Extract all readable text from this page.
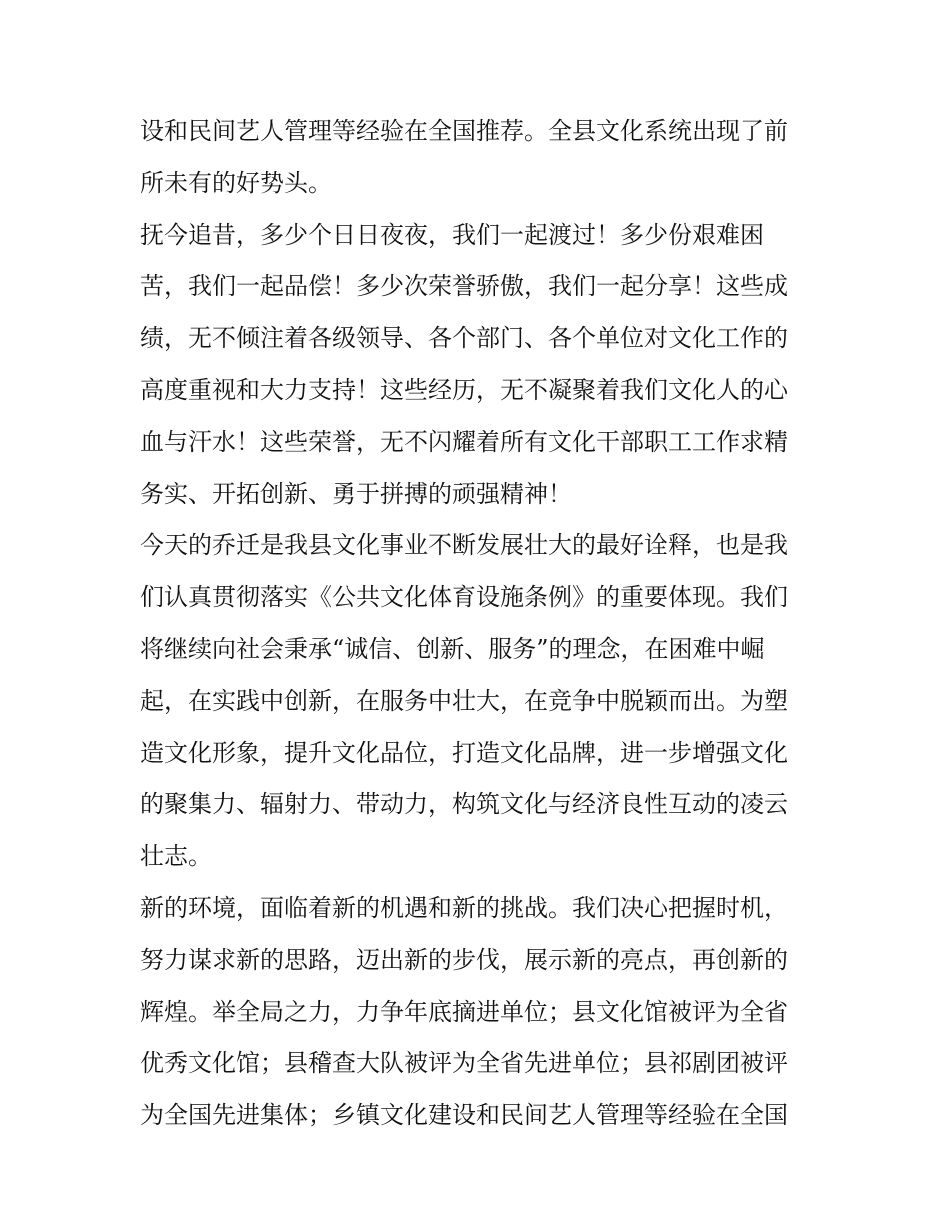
设和民间艺人管理等经验在全国推荐。全县文化系统出现了前
所未有的好势头。
抚今追昔，多少个日日夜夜，我们一起渡过！多少份艰难困
苦，我们一起品偿！多少次荣誉骄傲，我们一起分享！这些成
绩，无不倾注着各级领导、各个部门、各个单位对文化工作的
高度重视和大力支持！这些经历，无不凝聚着我们文化人的心
血与汗水！这些荣誉，无不闪耀着所有文化干部职工工作求精
务实、开拓创新、勇于拼搏的顽强精神！
今天的乔迁是我县文化事业不断发展壮大的最好诠释，也是我
们认真贯彻落实《公共文化体育设施条例》的重要体现。我们
将继续向社会秉承“诚信、创新、服务”的理念，在困难中崛
起，在实践中创新，在服务中壮大，在竞争中脱颖而出。为塑
造文化形象，提升文化品位，打造文化品牌，进一步增强文化
的聚集力、辐射力、带动力，构筑文化与经济良性互动的凌云
壮志。
新的环境，面临着新的机遇和新的挑战。我们决心把握时机，
努力谋求新的思路，迈出新的步伐，展示新的亮点，再创新的
辉煌。举全局之力，力争年底摘进单位；县文化馆被评为全省
优秀文化馆；县稽查大队被评为全省先进单位；县祁剧团被评
为全国先进集体；乡镇文化建设和民间艺人管理等经验在全国
